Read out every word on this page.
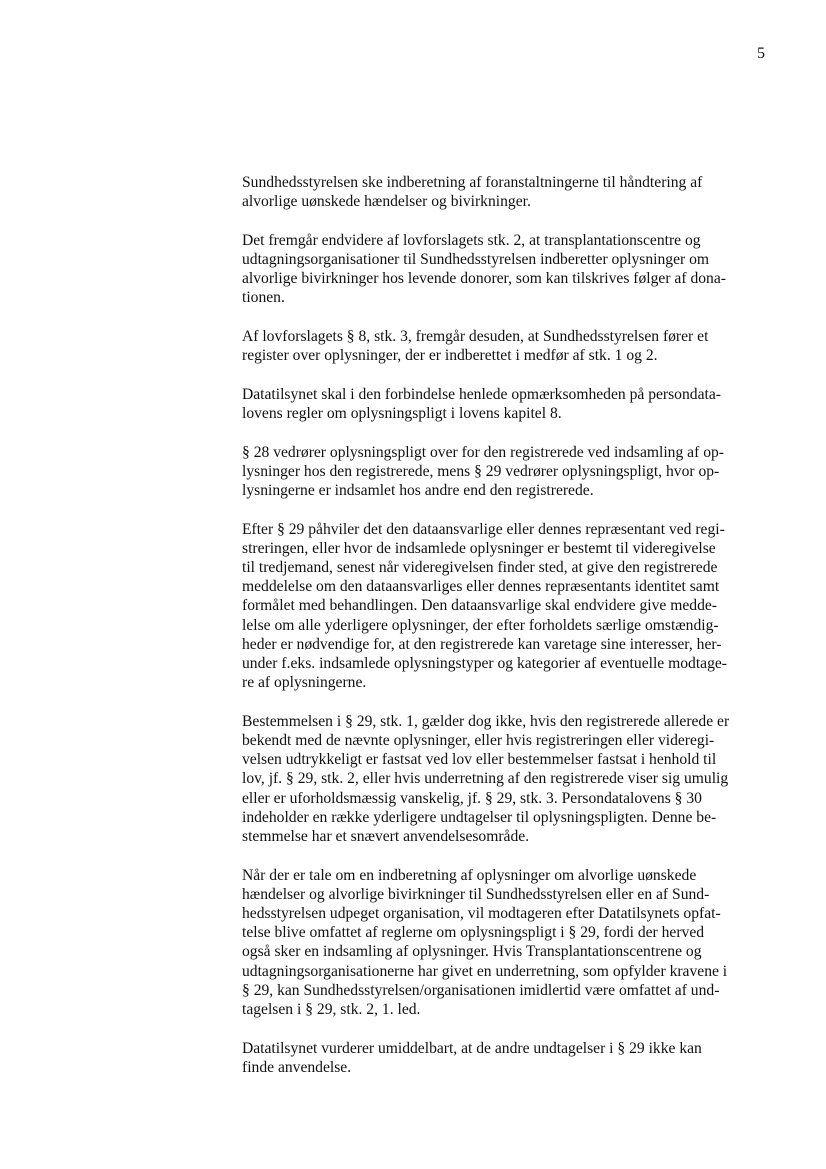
5

Sundhedsstyrelsen ske indberetning af foranstaltningerne til håndtering af
alvorlige uønskede hændelser og bivirkninger.

Det fremgår endvidere af lovforslagets stk. 2, at transplantationscentre og
udtagningsorganisationer til Sundhedsstyrelsen indberetter oplysninger om
alvorlige bivirkninger hos levende donorer, som kan tilskrives følger af dona-
tionen.

Af lovforslagets § 8, stk. 3, fremgår desuden, at Sundhedsstyrelsen fører et
register over oplysninger, der er indberettet i medfør af stk. 1 og 2.

Datatilsynet skal i den forbindelse henlede opmærksomheden på persondata-
lovens regler om oplysningspligt i lovens kapitel 8.

§ 28 vedrører oplysningspligt over for den registrerede ved indsamling af op-
lysninger hos den registrerede, mens § 29 vedrører oplysningspligt, hvor op-
lysningerne er indsamlet hos andre end den registrerede.

Efter § 29 påhviler det den dataansvarlige eller dennes repræsentant ved regi-
streringen, eller hvor de indsamlede oplysninger er bestemt til videregivelse
til tredjemand, senest når videregivelsen finder sted, at give den registrerede
meddelelse om den dataansvarliges eller dennes repræsentants identitet samt
formålet med behandlingen. Den dataansvarlige skal endvidere give medde-
lelse om alle yderligere oplysninger, der efter forholdets særlige omstændig-
heder er nødvendige for, at den registrerede kan varetage sine interesser, her-
under f.eks. indsamlede oplysningstyper og kategorier af eventuelle modtage-
re af oplysningerne.

Bestemmelsen i § 29, stk. 1, gælder dog ikke, hvis den registrerede allerede er
bekendt med de nævnte oplysninger, eller hvis registreringen eller videregi-
velsen udtrykkeligt er fastsat ved lov eller bestemmelser fastsat i henhold til
lov, jf. § 29, stk. 2, eller hvis underretning af den registrerede viser sig umulig
eller er uforholdsmæssig vanskelig, jf. § 29, stk. 3. Persondatalovens § 30
indeholder en række yderligere undtagelser til oplysningspligten. Denne be-
stemmelse har et snævert anvendelsesområde.

Når der er tale om en indberetning af oplysninger om alvorlige uønskede
hændelser og alvorlige bivirkninger til Sundhedsstyrelsen eller en af Sund-
hedsstyrelsen udpeget organisation, vil modtageren efter Datatilsynets opfat-
telse blive omfattet af reglerne om oplysningspligt i § 29, fordi der herved
også sker en indsamling af oplysninger. Hvis Transplantationscentrene og
udtagningsorganisationerne har givet en underretning, som opfylder kravene i
§ 29, kan Sundhedsstyrelsen/organisationen imidlertid være omfattet af und-
tagelsen i § 29, stk. 2, 1. led.

Datatilsynet vurderer umiddelbart, at de andre undtagelser i § 29 ikke kan
finde anvendelse.
